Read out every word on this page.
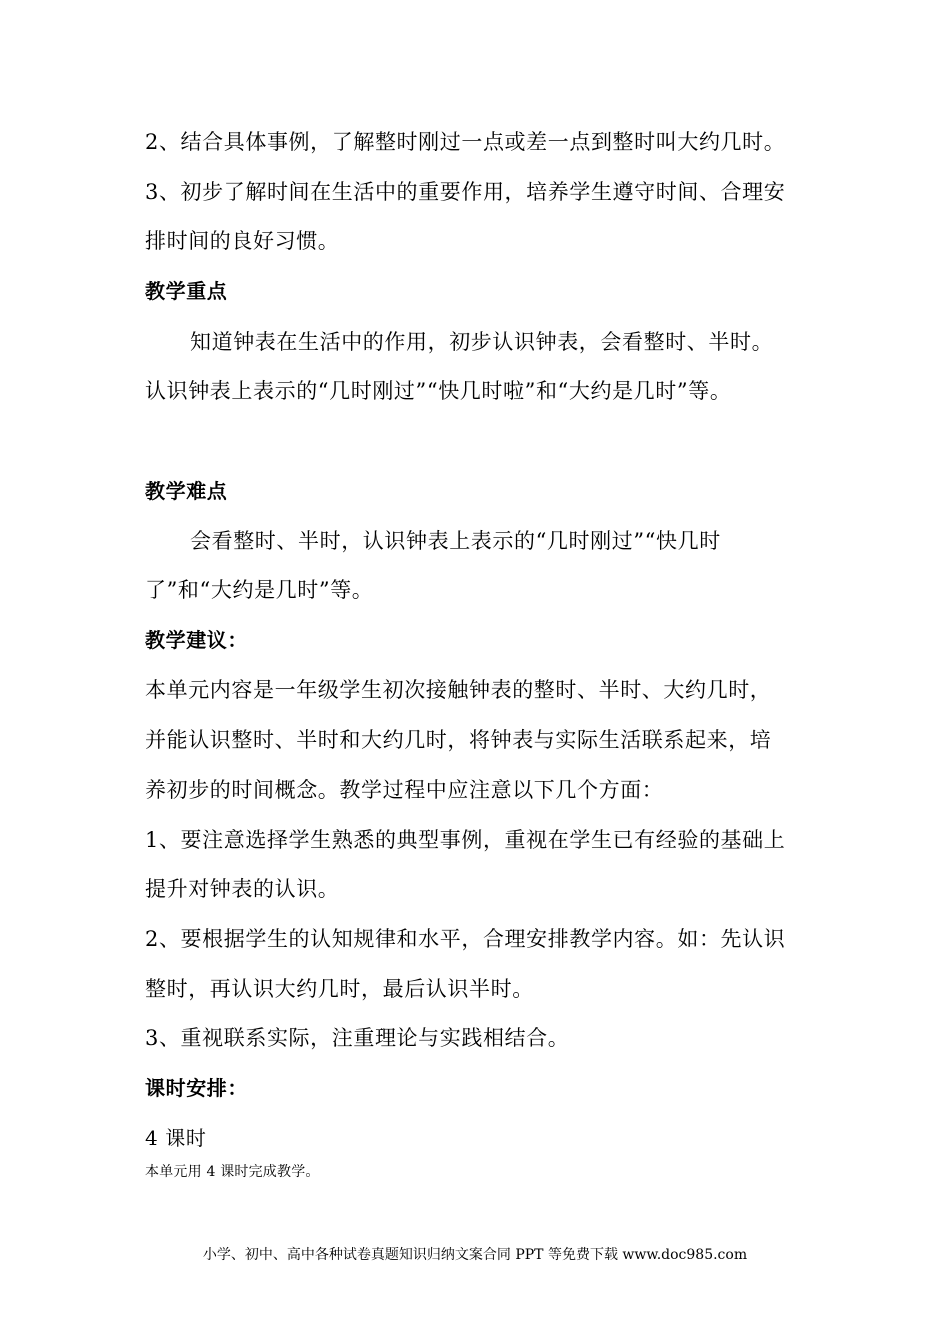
2、结合具体事例，了解整时刚过一点或差一点到整时叫大约几时。
3、初步了解时间在生活中的重要作用，培养学生遵守时间、合理安
排时间的良好习惯。
教学重点
知道钟表在生活中的作用，初步认识钟表，会看整时、半时。
认识钟表上表示的“几时刚过”“快几时啦”和“大约是几时”等。
教学难点
会看整时、半时，认识钟表上表示的“几时刚过”“快几时
了”和“大约是几时”等。
教学建议：
本单元内容是一年级学生初次接触钟表的整时、半时、大约几时，
并能认识整时、半时和大约几时，将钟表与实际生活联系起来，培
养初步的时间概念。教学过程中应注意以下几个方面：
1、要注意选择学生熟悉的典型事例，重视在学生已有经验的基础上
提升对钟表的认识。
2、要根据学生的认知规律和水平，合理安排教学内容。如：先认识
整时，再认识大约几时，最后认识半时。
3、重视联系实际，注重理论与实践相结合。
课时安排：
4 课时
本单元用 4 课时完成教学。
小学、初中、高中各种试卷真题知识归纳文案合同 PPT 等免费下载 www.doc985.com
